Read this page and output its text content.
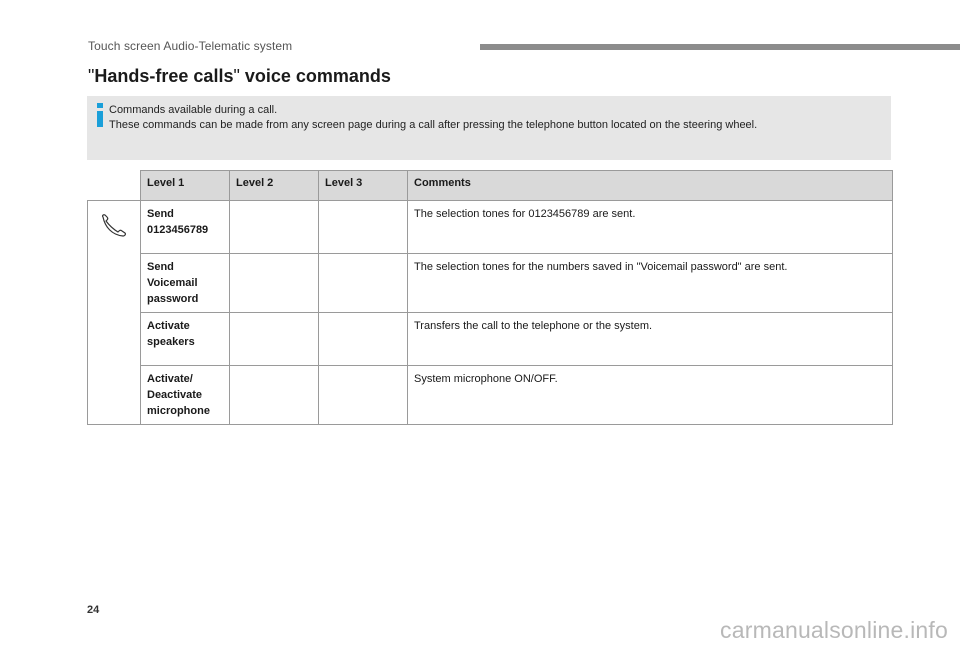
Touch screen Audio-Telematic system
"Hands-free calls" voice commands
Commands available during a call.
These commands can be made from any screen page during a call after pressing the telephone button located on the steering wheel.
	Level 1	Level 2	Level 3	Comments

	Send 0123456789			The selection tones for 0123456789 are sent.
	Send Voicemail password			The selection tones for the numbers saved in "Voicemail password" are sent.
	Activate speakers			Transfers the call to the telephone or the system.
	Activate/ Deactivate microphone			System microphone ON/OFF.
24
carmanualsonline.info
